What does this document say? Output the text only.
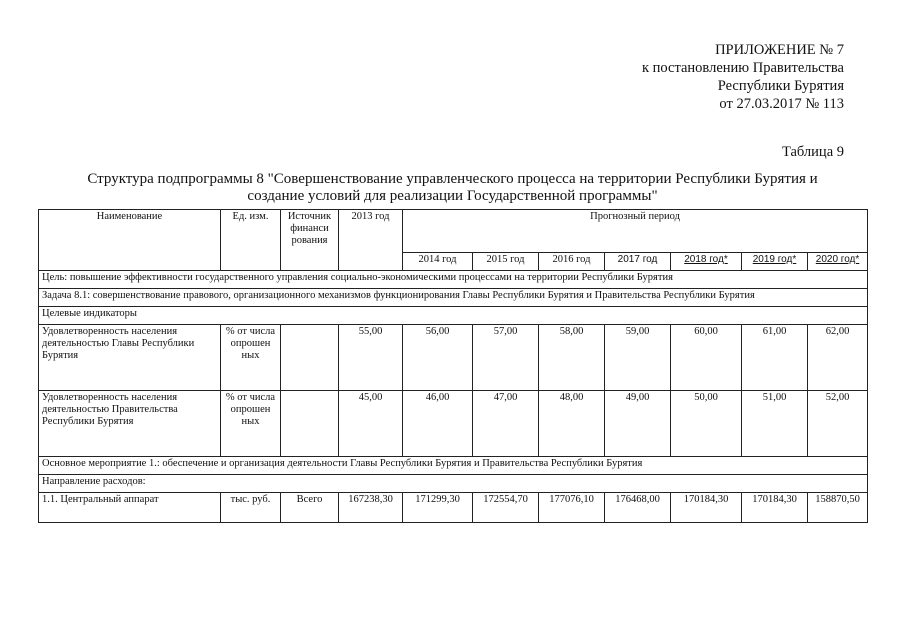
ПРИЛОЖЕНИЕ № 7
к постановлению Правительства
Республики Бурятия
от 27.03.2017 № 113
Таблица 9
Структура подпрограммы 8 "Совершенствование управленческого процесса на территории Республики Бурятия и
создание условий для реализации Государственной программы"
Наименование	Ед. изм.	Источник финанси рования	2013 год	Прогнозный период						
				2014 год	2015 год	2016 год	2017 год	2018 год*	2019 год*	2020 год*
Цель: повышение эффективности государственного управления социально-экономическими процессами на территории Республики Бурятия										
Задача 8.1: совершенствование правового, организационного механизмов функционирования Главы Республики Бурятия и Правительства Республики Бурятия										
Целевые индикаторы										
Удовлетворенность населения деятельностью Главы Республики Бурятия	% от числа опрошен ных		55,00	56,00	57,00	58,00	59,00	60,00	61,00	62,00
Удовлетворенность населения деятельностью Правительства Республики Бурятия	% от числа опрошен ных		45,00	46,00	47,00	48,00	49,00	50,00	51,00	52,00
Основное мероприятие 1.: обеспечение и организация деятельности Главы Республики Бурятия и Правительства Республики Бурятия										
Направление расходов:										
1.1. Центральный аппарат	тыс. руб.	Всего	167238,30	171299,30	172554,70	177076,10	176468,00	170184,30	170184,30	158870,50
